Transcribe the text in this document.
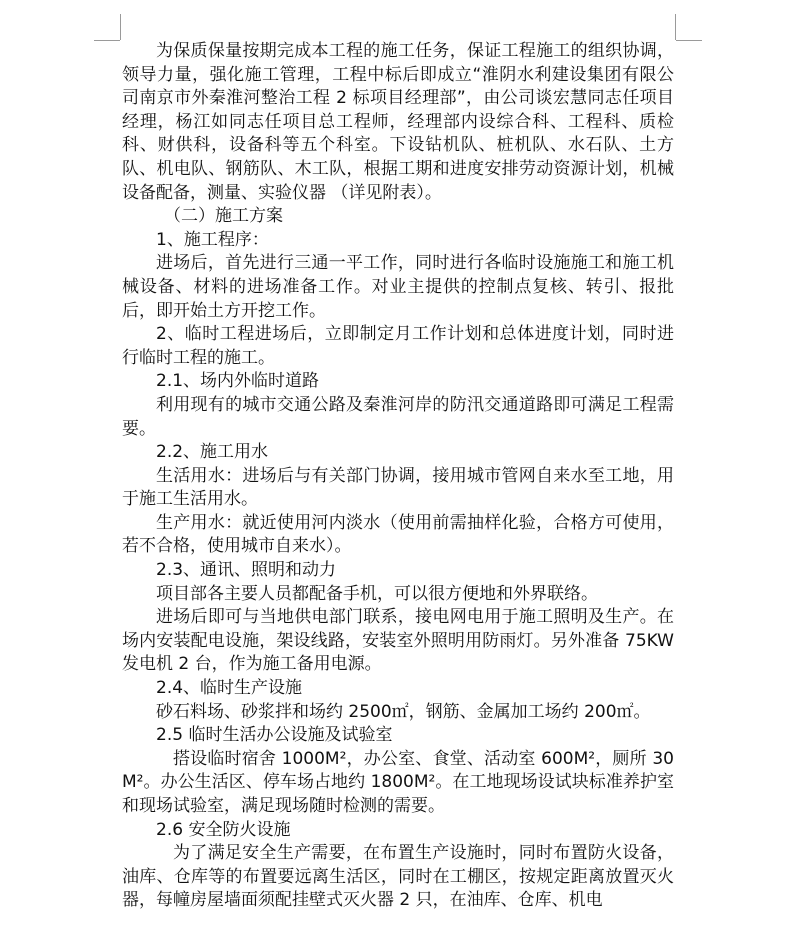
为保质保量按期完成本工程的施工任务，保证工程施工的组织协调，领导力量，强化施工管理，工程中标后即成立“淮阴水利建设集团有限公司南京市外秦淮河整治工程 2 标项目经理部”，由公司谈宏慧同志任项目经理，杨江如同志任项目总工程师，经理部内设综合科、工程科、质检科、财供科，设备科等五个科室。下设钻机队、桩机队、水石队、土方队、机电队、钢筋队、木工队，根据工期和进度安排劳动资源计划，机械设备配备，测量、实验仪器 （详见附表）。

（二）施工方案

1、施工程序：

进场后，首先进行三通一平工作，同时进行各临时设施施工和施工机械设备、材料的进场准备工作。对业主提供的控制点复核、转引、报批后，即开始土方开挖工作。

2、临时工程进场后，立即制定月工作计划和总体进度计划，同时进行临时工程的施工。

2.1、场内外临时道路

利用现有的城市交通公路及秦淮河岸的防汛交通道路即可满足工程需要。

2.2、施工用水

生活用水：进场后与有关部门协调，接用城市管网自来水至工地，用于施工生活用水。

生产用水：就近使用河内淡水（使用前需抽样化验，合格方可使用，若不合格，使用城市自来水）。

2.3、通讯、照明和动力

项目部各主要人员都配备手机，可以很方便地和外界联络。

进场后即可与当地供电部门联系，接电网电用于施工照明及生产。在场内安装配电设施，架设线路，安装室外照明用防雨灯。另外准备 75KW 发电机 2 台，作为施工备用电源。

2.4、临时生产设施

砂石料场、砂浆拌和场约 2500㎡，钢筋、金属加工场约 200㎡。

2.5 临时生活办公设施及试验室

搭设临时宿舍 1000M²，办公室、食堂、活动室 600M²，厕所 30M²。办公生活区、停车场占地约 1800M²。在工地现场设试块标准养护室和现场试验室，满足现场随时检测的需要。

2.6 安全防火设施

为了满足安全生产需要，在布置生产设施时，同时布置防火设备，油库、仓库等的布置要远离生活区，同时在工棚区，按规定距离放置灭火器，每幢房屋墙面须配挂壁式灭火器 2 只，在油库、仓库、机电
